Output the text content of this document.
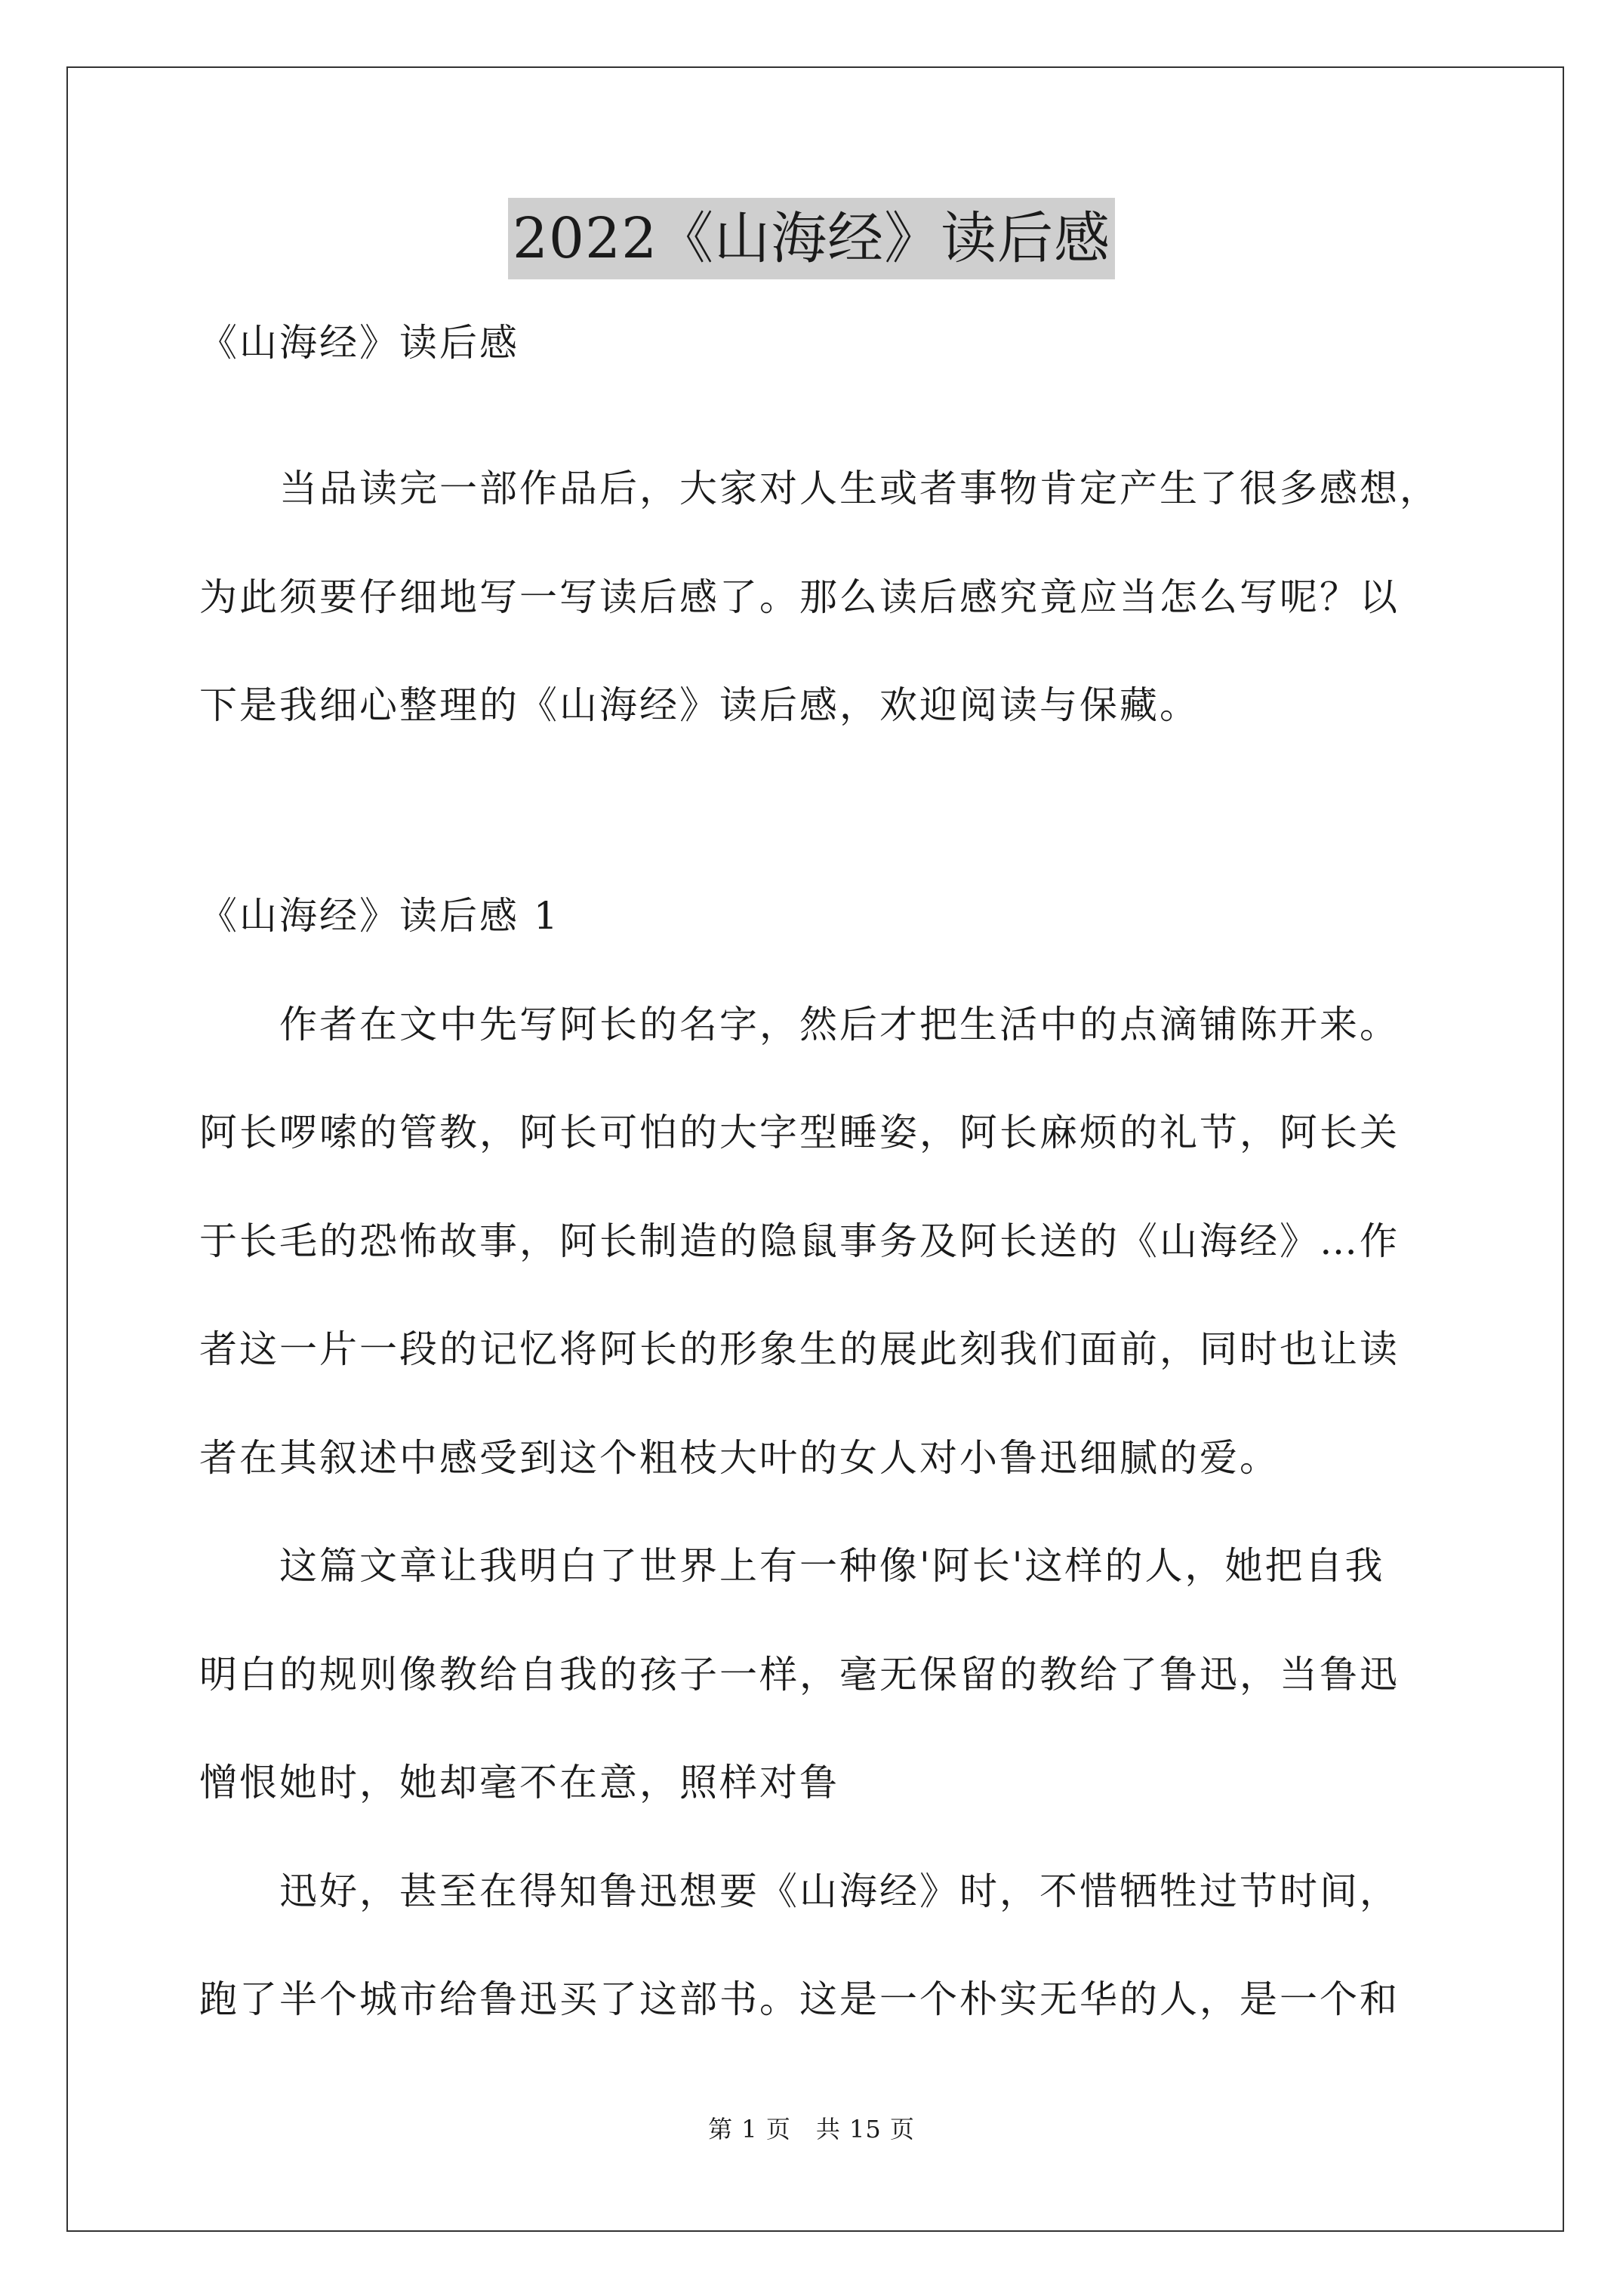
2022《山海经》读后感
《山海经》读后感
　　当品读完一部作品后，大家对人生或者事物肯定产生了很多感想，
为此须要仔细地写一写读后感了。那么读后感究竟应当怎么写呢？以
下是我细心整理的《山海经》读后感，欢迎阅读与保藏。
《山海经》读后感 1
　　作者在文中先写阿长的名字，然后才把生活中的点滴铺陈开来。
阿长啰嗦的管教，阿长可怕的大字型睡姿，阿长麻烦的礼节，阿长关
于长毛的恐怖故事，阿长制造的隐鼠事务及阿长送的《山海经》…作
者这一片一段的记忆将阿长的形象生的展此刻我们面前，同时也让读
者在其叙述中感受到这个粗枝大叶的女人对小鲁迅细腻的爱。
　　这篇文章让我明白了世界上有一种像'阿长'这样的人，她把自我
明白的规则像教给自我的孩子一样，毫无保留的教给了鲁迅，当鲁迅
憎恨她时，她却毫不在意，照样对鲁
　　迅好，甚至在得知鲁迅想要《山海经》时，不惜牺牲过节时间，
跑了半个城市给鲁迅买了这部书。这是一个朴实无华的人，是一个和
第 1 页　共 15 页
